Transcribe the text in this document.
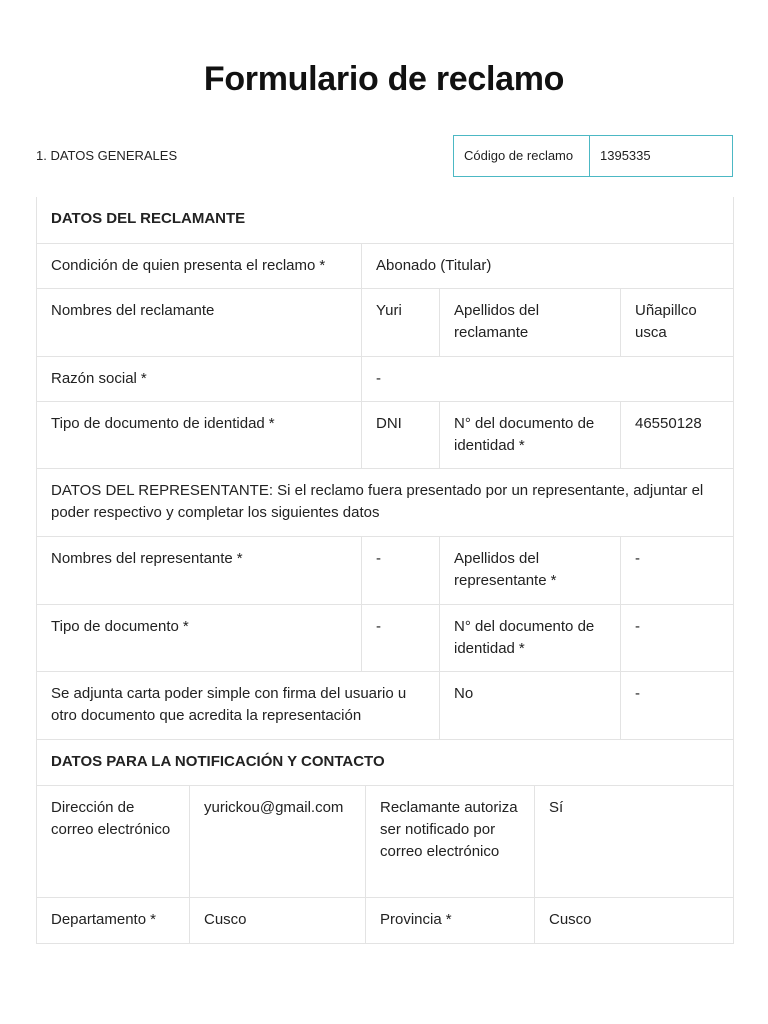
Formulario de reclamo
1. DATOS GENERALES	Código de reclamo	1395335
DATOS DEL RECLAMANTE			
Condición de quien presenta el reclamo *	Abonado (Titular)		
Nombres del reclamante	Yuri	Apellidos del reclamante	Uñapillco usca
Razón social *	-		
Tipo de documento de identidad *	DNI	N° del documento de identidad *	46550128
DATOS DEL REPRESENTANTE: Si el reclamo fuera presentado por un representante, adjuntar el poder respectivo y completar los siguientes datos			
Nombres del representante *	-	Apellidos del representante *	-
Tipo de documento *	-	N° del documento de identidad *	-
Se adjunta carta poder simple con firma del usuario u otro documento que acredita la representación		No	-
DATOS PARA LA NOTIFICACIÓN Y CONTACTO			
Dirección de correo electrónico	yurickou@gmail.com	Reclamante autoriza ser notificado por correo electrónico	Sí
Departamento *	Cusco	Provincia *	Cusco
